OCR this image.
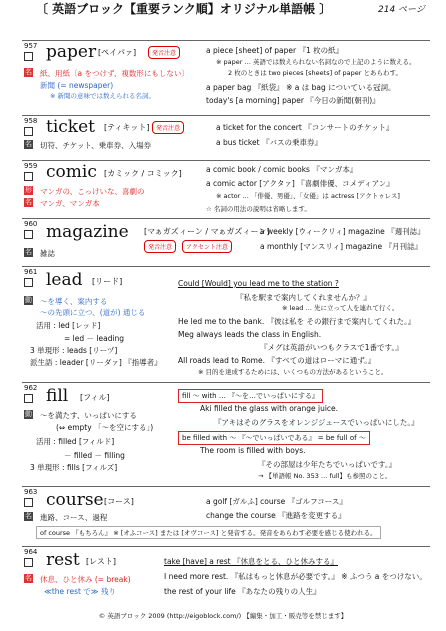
〔 英語ブロック【重要ランク順】オリジナル単語帳 〕	214 ページ
957 paper [ペイパァ]	発音注意
名 紙、用紙〔a をつけず、複数形にもしない〕
新聞 (= newspaper)
※ 新聞の意味では数えられる名詞。
a piece [sheet] of paper 『1 枚の紙』
※ paper … 英語では数えられない名詞なので上記のように数える。
2 枚のときは two pieces [sheets] of paper とあらわす。
a paper bag 『紙袋』 ※ a は bag についている冠詞。
today's [a morning] paper 『今日の新聞(朝刊)』
958 ticket [ティキット]	発音注意
名 切符、チケット、乗車券、入場券
a ticket for the concert 『コンサートのチケット』
a bus ticket 『バスの乗車券』
959 comic [カミック / コミック]
形 マンガの、こっけいな、喜劇の
名 マンガ、マンガ本
a comic book / comic books 『マンガ本』
a comic actor [アクタァ] 『喜劇俳優、コメディアン』
※ actor … 「俳優、男優」、「女優」は actress [アクトゥレス]
☆ 名詞の用法の説明は省略します。
960 magazine [マぁガズィーン / マぁガズィーン]
発音注意	アクセント注意
名 雑誌
a weekly [ウィークリィ] magazine 『週刊誌』
a monthly [マンスリィ] magazine 『月刊誌』
961 lead [リード]
動 ～を導く、案内する
～の先頭に立つ、(道が) 通じる
活用 : led [レッド]
= led － leading
3 単現形 : leads [リーヅ]
派生語 : leader [リーダァ] 『指導者』
Could [Would] you lead me to the station ?
『私を駅まで案内してくれませんか？』
※ lead … 先に立って人を連れて行く。
He led me to the bank. 『彼は私を その銀行まで案内してくれた。』
Meg always leads the class in English.
『メグは英語がいつもクラスで1番です。』
All roads lead to Rome. 『すべての道はローマに通ず。』
※ 目的を達成するためには、いくつもの方法があるということ。
962 fill [フィル]
動 ～を満たす、いっぱいにする
(⇔ empty 「～を空にする」)
活用 : filled [フィルド]
－ filled － filling
3 単現形 : fills [フィルズ]
fill ～ with … 『～を…でいっぱいにする』
Aki filled the glass with orange juice.
『アキはそのグラスをオレンジジュースでいっぱいにした。』
be filled with ～ 『～でいっぱいである』 = be full of ～
The room is filled with boys.
『その部屋は少年たちでいっぱいです。』
→ 【単語帳 No. 353 … full】も参照のこと。
963 course [コース]
名 進路、コース、過程
a golf [ガルふ] course 『ゴルフコース』
change the course 『進路を変更する』
of course 『もちろん』 ※ [オふコース] または [オヴコース] と発音する。発音をあらわす必要を感じる使われる。
964 rest [レスト]
名 休息、ひと休み (= break)
≪the rest で≫ 残り
take [have] a rest 『休息をとる、ひと休みする』
I need more rest. 『私はもっと休息が必要です。』 ※ ふつう a をつけない。
the rest of your life 『あなたの残りの人生』
© 英語ブロック 2009 (http://eigoblock.com/) 【編集・加工・販売等を禁じます】
